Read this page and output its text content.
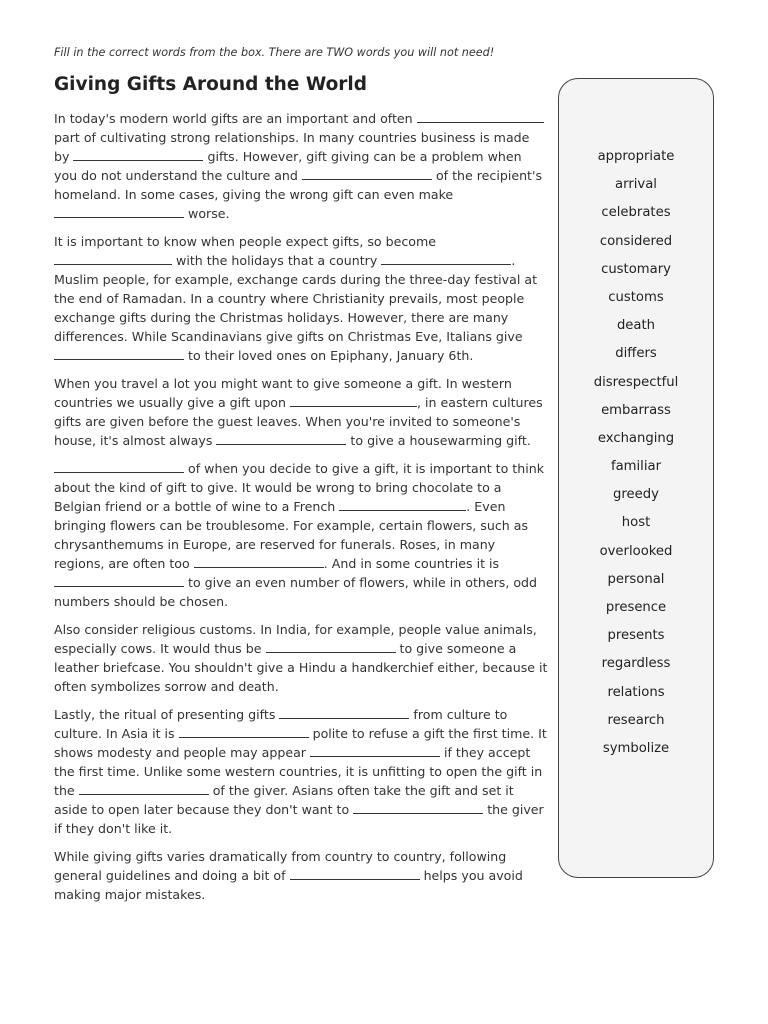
Fill in the correct words from the box. There are TWO words you will not need!
Giving Gifts Around the World

In today's modern world gifts are an important and often  part of cultivating strong relationships. In many countries business is made by	gifts. However, gift giving can be a problem when you do not understand the culture and	of the recipient's homeland. In some cases, giving the wrong gift can even make  worse.

It is important to know when people expect gifts, so become  with the holidays that a country	. Muslim people, for example, exchange cards during the three-day festival at the end of Ramadan. In a country where Christianity prevails, most people exchange gifts during the Christmas holidays. However, there are many differences. While Scandinavians give gifts on Christmas Eve, Italians give  to their loved ones on Epiphany, January 6th.

When you travel a lot you might want to give someone a gift. In western countries we usually give a gift upon	, in eastern cultures gifts are given before the guest leaves. When you're invited to someone's house, it's almost always	to give a housewarming gift.

of when you decide to give a gift, it is important to think about the kind of gift to give. It would be wrong to bring chocolate to a Belgian friend or a bottle of wine to a French	. Even bringing flowers can be troublesome. For example, certain flowers, such as chrysanthemums in Europe, are reserved for funerals. Roses, in many regions, are often too	. And in some countries it is  to give an even number of flowers, while in others, odd numbers should be chosen.

Also consider religious customs. In India, for example, people value animals, especially cows. It would thus be	to give someone a leather briefcase. You shouldn't give a Hindu a handkerchief either, because it often symbolizes sorrow and death.

Lastly, the ritual of presenting gifts	from culture to culture. In Asia it is	polite to refuse a gift the first time. It shows modesty and people may appear	if they accept the first time. Unlike some western countries, it is unfitting to open the gift in the	of the giver. Asians often take the gift and set it aside to open later because they don't want to	the giver if they don't like it.

While giving gifts varies dramatically from country to country, following general guidelines and doing a bit of	helps you avoid making major mistakes.

appropriate
arrival
celebrates
considered
customary
customs
death
differs
disrespectful
embarrass
exchanging
familiar
greedy
host
overlooked
personal
presence
presents
regardless
relations
research
symbolize
